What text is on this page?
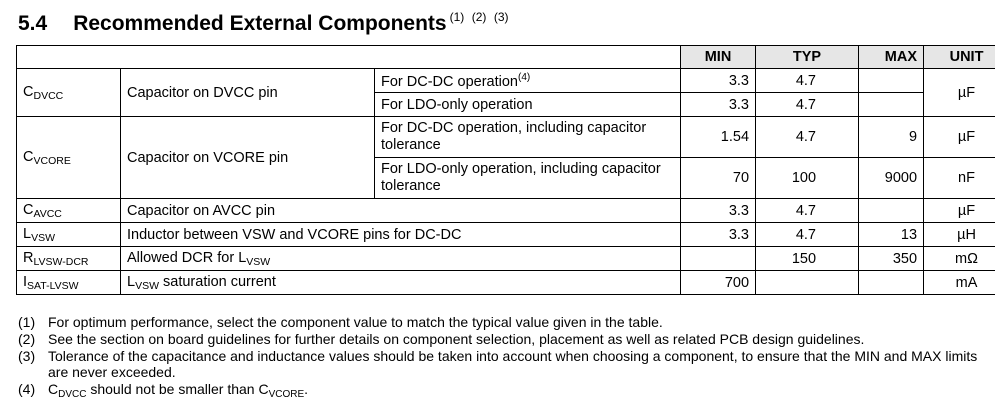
5.4 Recommended External Components $^{(1)}$ $^{(2)}$ $^{(3)}$
			MIN	TYP	MAX	UNIT
$C_{DVCC}$	Capacitor on DVCC pin	For DC-DC operation$^{(4)}$	3.3	4.7		µF
		For LDO-only operation	3.3	4.7		
$C_{VCORE}$	Capacitor on VCORE pin	For DC-DC operation, including capacitor tolerance	1.54	4.7	9	µF
		For LDO-only operation, including capacitor tolerance	70	100	9000	nF
$C_{AVCC}$	Capacitor on AVCC pin		3.3	4.7		µF
$L_{VSW}$	Inductor between VSW and VCORE pins for DC-DC		3.3	4.7	13	µH
$R_{LVSW-DCR}$	Allowed DCR for $L_{VSW}$			150	350	mΩ
$I_{SAT-LVSW}$	$L_{VSW}$ saturation current		700			mA
(1) For optimum performance, select the component value to match the typical value given in the table.
(2) See the section on board guidelines for further details on component selection, placement as well as related PCB design guidelines.
(3) Tolerance of the capacitance and inductance values should be taken into account when choosing a component, to ensure that the MIN and MAX limits are never exceeded.
(4) $C_{DVCC}$ should not be smaller than $C_{VCORE}$.
